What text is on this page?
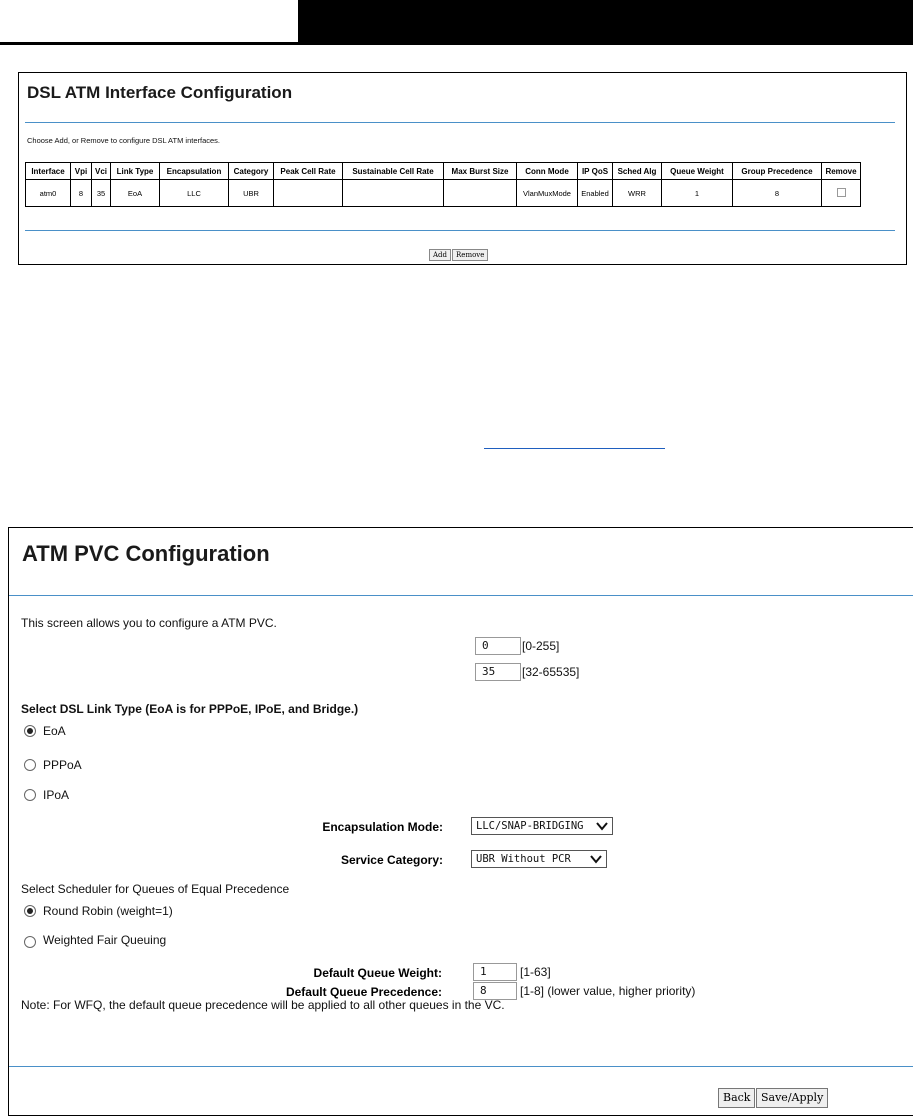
DSL ATM Interface Configuration
Choose Add, or Remove to configure DSL ATM interfaces.
Interface	Vpi	Vci	Link Type	Encapsulation	Category	Peak Cell Rate	Sustainable Cell Rate	Max Burst Size	Conn Mode	IP QoS	Sched Alg	Queue Weight	Group Precedence	Remove
atm0	8	35	EoA	LLC	UBR				VlanMuxMode	Enabled	WRR	1	8	
Add Remove
ATM PVC Configuration
This screen allows you to configure a ATM PVC.
0	[0-255]
35	[32-65535]
Select DSL Link Type (EoA is for PPPoE, IPoE, and Bridge.)
EoA
PPPoA
IPoA
Encapsulation Mode:	LLC/SNAP-BRIDGING
Service Category:	UBR Without PCR
Select Scheduler for Queues of Equal Precedence
Round Robin (weight=1)
Weighted Fair Queuing
Default Queue Weight:	1	[1-63]
Default Queue Precedence:	8	[1-8] (lower value, higher priority)
Note: For WFQ, the default queue precedence will be applied to all other queues in the VC.
Back Save/Apply
